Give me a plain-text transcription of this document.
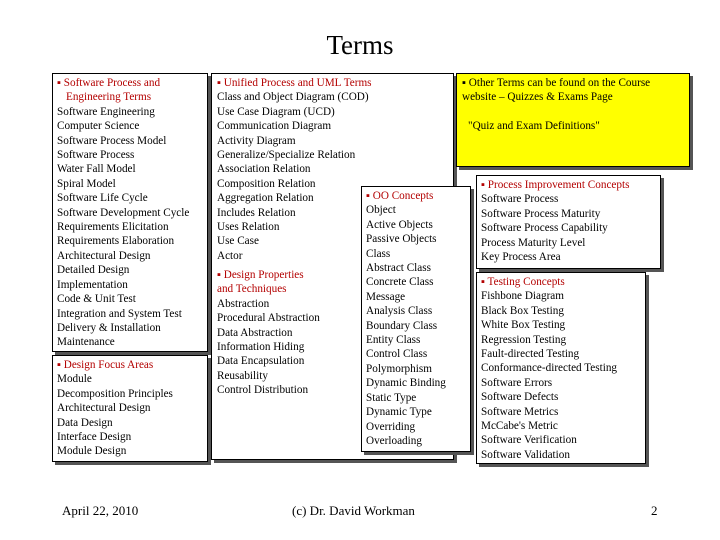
Terms
▪ Software Process and
Engineering Terms
Software Engineering
Computer Science
Software Process Model
Software Process
Water Fall Model
Spiral Model
Software Life Cycle
Software Development Cycle
Requirements Elicitation
Requirements Elaboration
Architectural Design
Detailed Design
Implementation
Code & Unit Test
Integration and System Test
Delivery & Installation
Maintenance
▪ Design Focus Areas
Module
Decomposition Principles
Architectural Design
Data Design
Interface Design
Module Design
▪ Unified Process and UML Terms
Class and Object Diagram (COD)
Use Case Diagram (UCD)
Communication Diagram
Activity Diagram
Generalize/Specialize Relation
Association Relation
Composition Relation
Aggregation Relation
Includes Relation
Uses Relation
Use Case
Actor
▪ Design Properties
and Techniques
Abstraction
Procedural Abstraction
Data Abstraction
Information Hiding
Data Encapsulation
Reusability
Control Distribution
▪ OO Concepts
Object
Active Objects
Passive Objects
Class
Abstract Class
Concrete Class
Message
Analysis Class
Boundary Class
Entity Class
Control Class
Polymorphism
Dynamic Binding
Static Type
Dynamic Type
Overriding
Overloading
▪ Other Terms can be found on the Course
website – Quizzes & Exams Page
"Quiz and Exam Definitions"
▪ Process Improvement Concepts
Software Process
Software Process Maturity
Software Process Capability
Process Maturity Level
Key Process Area
▪ Testing Concepts
Fishbone Diagram
Black Box Testing
White Box Testing
Regression Testing
Fault-directed Testing
Conformance-directed Testing
Software Errors
Software Defects
Software Metrics
McCabe's Metric
Software Verification
Software Validation
April 22, 2010	(c) Dr. David Workman	2
